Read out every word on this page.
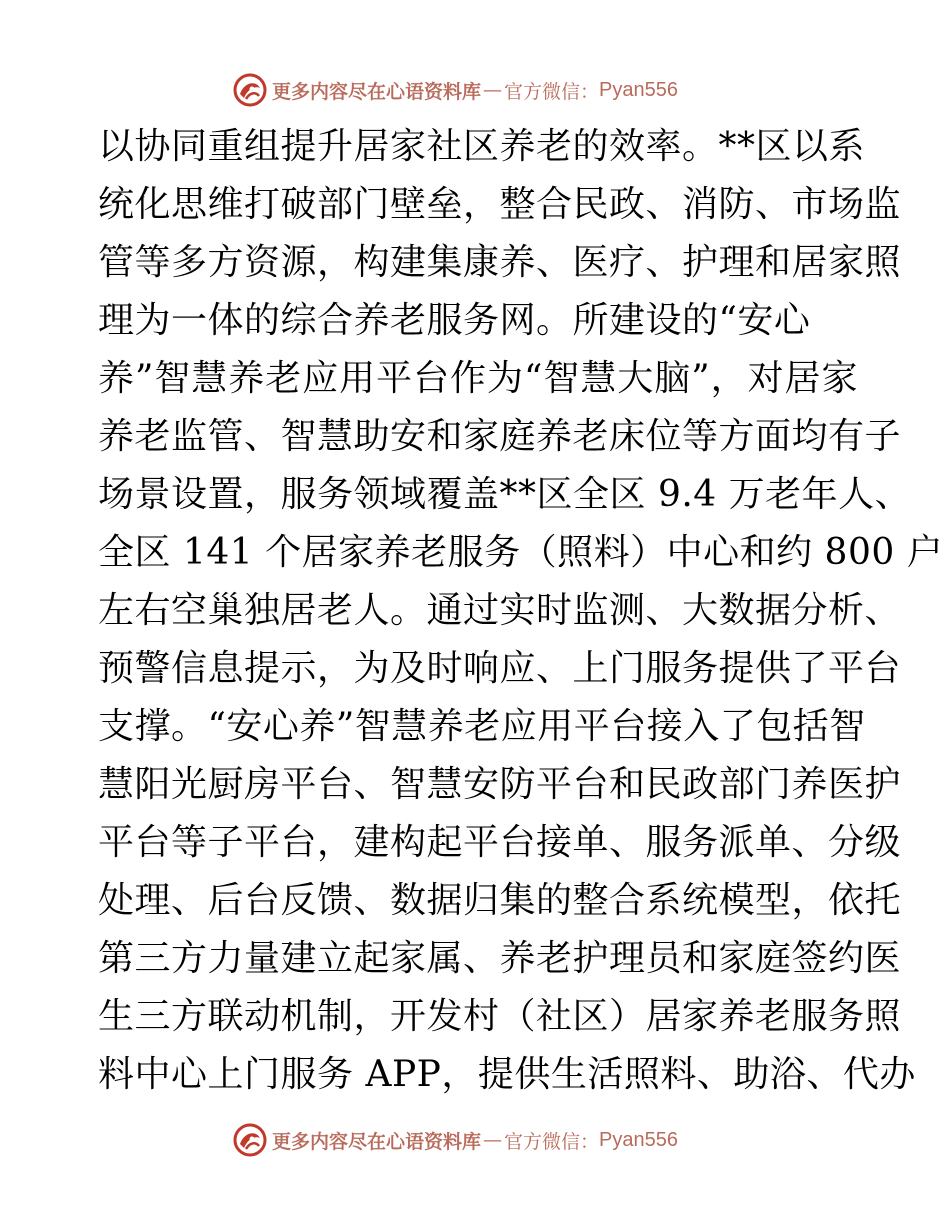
更多内容尽在心语资料库 — 官方微信： Pyan556
以协同重组提升居家社区养老的效率。**区以系
统化思维打破部门壁垒，整合民政、消防、市场监
管等多方资源，构建集康养、医疗、护理和居家照
理为一体的综合养老服务网。所建设的“安心
养”智慧养老应用平台作为“智慧大脑”，对居家
养老监管、智慧助安和家庭养老床位等方面均有子
场景设置，服务领域覆盖**区全区 9.4 万老年人、
全区 141 个居家养老服务（照料）中心和约 800 户
左右空巢独居老人。通过实时监测、大数据分析、
预警信息提示，为及时响应、上门服务提供了平台
支撑。“安心养”智慧养老应用平台接入了包括智
慧阳光厨房平台、智慧安防平台和民政部门养医护
平台等子平台，建构起平台接单、服务派单、分级
处理、后台反馈、数据归集的整合系统模型，依托
第三方力量建立起家属、养老护理员和家庭签约医
生三方联动机制，开发村（社区）居家养老服务照
料中心上门服务 APP，提供生活照料、助浴、代办
更多内容尽在心语资料库 — 官方微信： Pyan556
